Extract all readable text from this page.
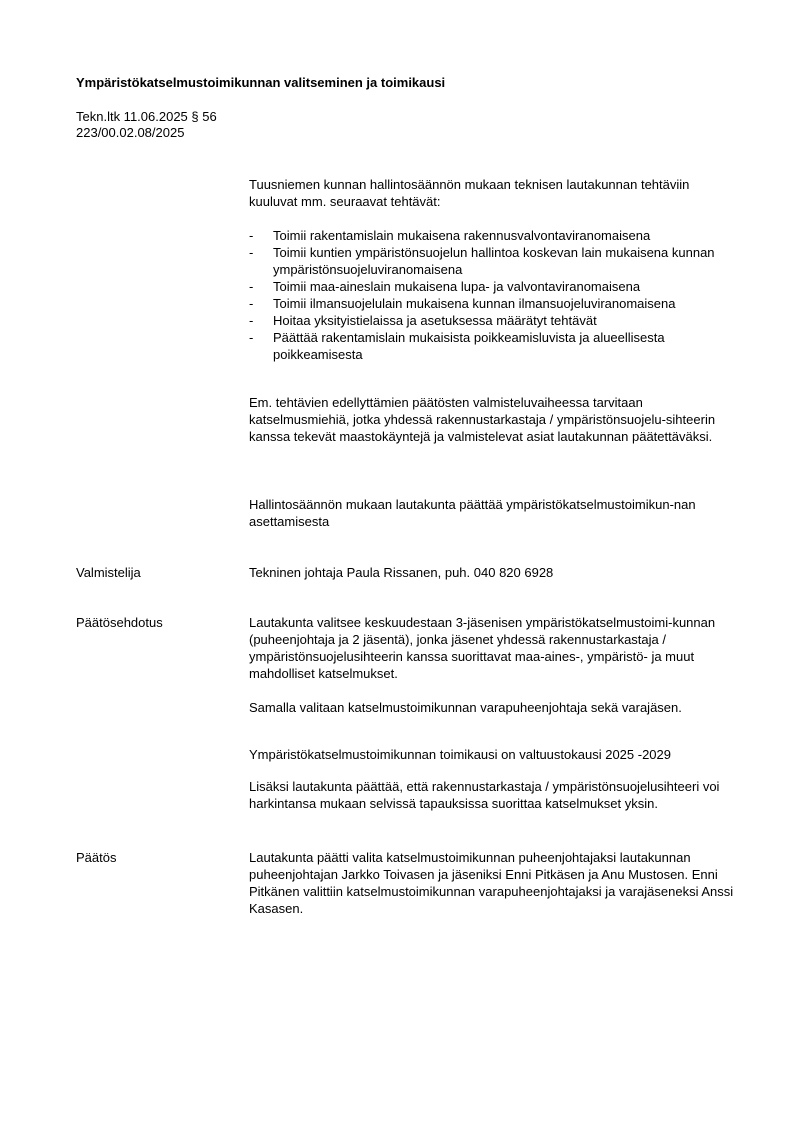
Ympäristökatselmustoimikunnan valitseminen ja toimikausi
Tekn.ltk 11.06.2025 § 56
223/00.02.08/2025

Tuusniemen kunnan hallintosäännön mukaan teknisen lautakunnan tehtäviin kuuluvat mm. seuraavat tehtävät:

- Toimii rakentamislain mukaisena rakennusvalvontaviranomaisena
- Toimii kuntien ympäristönsuojelun hallintoa koskevan lain mukaisena kunnan ympäristönsuojeluviranomaisena
- Toimii maa-aineslain mukaisena lupa- ja valvontaviranomaisena
- Toimii ilmansuojelulain mukaisena kunnan ilmansuojeluviranomaisena
- Hoitaa yksityistielaissa ja asetuksessa määrätyt tehtävät
- Päättää rakentamislain mukaisista poikkeamisluvista ja alueellisesta poikkeamisesta
Em. tehtävien edellyttämien päätösten valmisteluvaiheessa tarvitaan katselmusmiehiä, jotka yhdessä rakennustarkastaja / ympäristönsuojelu-sihteerin kanssa tekevät maastokäyntejä ja valmistelevat asiat lautakunnan päätettäväksi.
Hallintosäännön mukaan lautakunta päättää ympäristökatselmustoimikun-nan asettamisesta
Valmistelija	Tekninen johtaja Paula Rissanen, puh. 040 820 6928
Päätösehdotus	Lautakunta valitsee keskuudestaan 3-jäsenisen ympäristökatselmustoimi-kunnan (puheenjohtaja ja 2 jäsentä), jonka jäsenet yhdessä rakennustarkastaja / ympäristönsuojelusihteerin kanssa suorittavat maa-aines-, ympäristö- ja muut mahdolliset katselmukset.
Samalla valitaan katselmustoimikunnan varapuheenjohtaja sekä varajäsen.
Ympäristökatselmustoimikunnan toimikausi on valtuustokausi 2025 -2029
Lisäksi lautakunta päättää, että rakennustarkastaja / ympäristönsuojelusihteeri voi harkintansa mukaan selvissä tapauksissa suorittaa katselmukset yksin.
Päätös	Lautakunta päätti valita katselmustoimikunnan puheenjohtajaksi lautakunnan puheenjohtajan Jarkko Toivasen ja jäseniksi Enni Pitkäsen ja Anu Mustosen. Enni Pitkänen valittiin katselmustoimikunnan varapuheenjohtajaksi ja varajäseneksi Anssi Kasasen.
